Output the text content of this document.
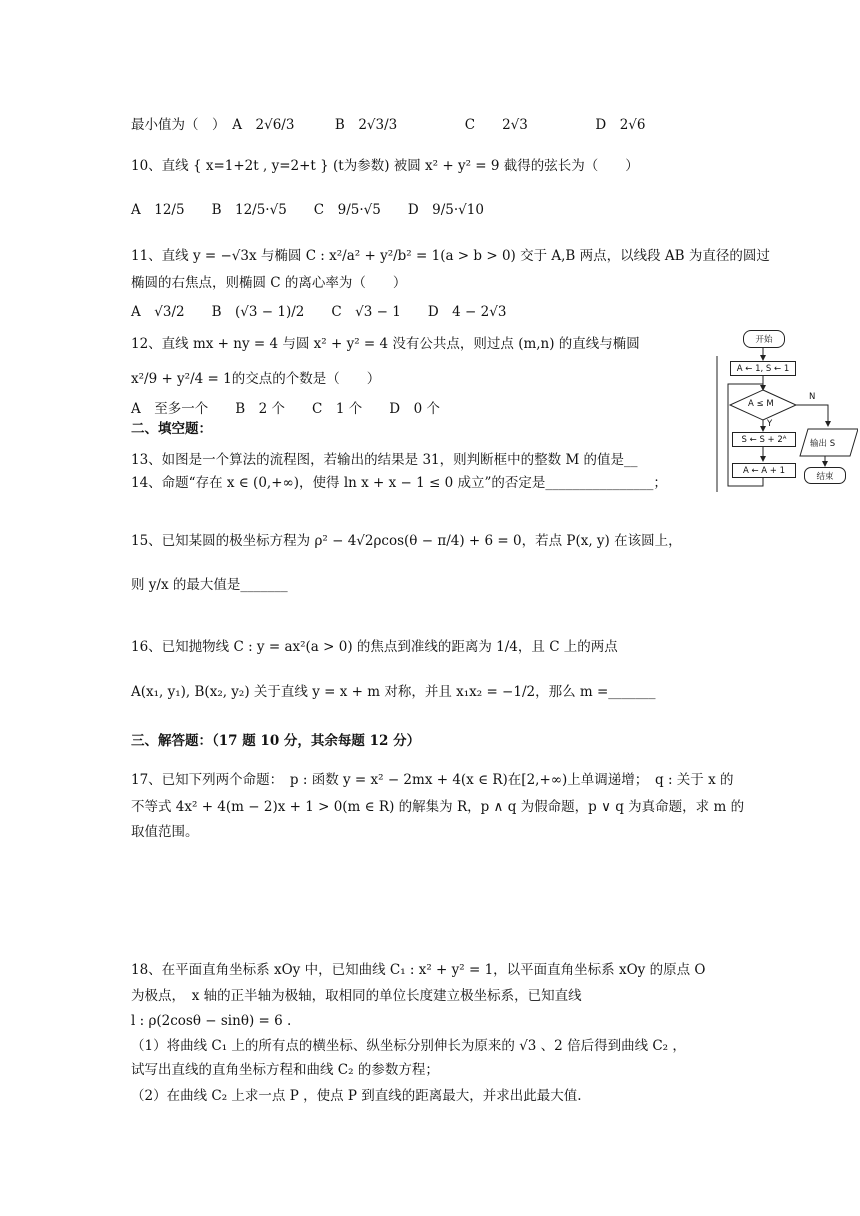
最小值为（　）　A　2√6/3　　　B　2√3/3　　　　　C　　2√3　　　　　D　2√6
10、直线 { x=1+2t , y=2+t } (t为参数) 被圆 x² + y² = 9 截得的弦长为（　　）
A　12/5　　B　12/5·√5　　C　9/5·√5　　D　9/5·√10
11、直线 y = −√3x 与椭圆 C : x²/a² + y²/b² = 1(a > b > 0) 交于 A,B 两点，以线段 AB 为直径的圆过
椭圆的右焦点，则椭圆 C 的离心率为（　　）
A　√3/2　　B　(√3 − 1)/2　　C　√3 − 1　　D　4 − 2√3
12、直线 mx + ny = 4 与圆 x² + y² = 4 没有公共点，则过点 (m,n) 的直线与椭圆
x²/9 + y²/4 = 1的交点的个数是（　　）
A　至多一个　　B　2 个　　C　1 个　　D　0 个
二、填空题：
13、如图是一个算法的流程图，若输出的结果是 31，则判断框中的整数 M 的值是__
14、命题“存在 x ∈ (0,+∞)，使得 ln x + x − 1 ≤ 0 成立”的否定是________________；
15、已知某圆的极坐标方程为 ρ² − 4√2ρcos(θ − π/4) + 6 = 0，若点 P(x, y) 在该圆上，
则 y/x 的最大值是_______
16、已知抛物线 C : y = ax²(a > 0) 的焦点到准线的距离为 1/4，且 C 上的两点
A(x₁, y₁), B(x₂, y₂) 关于直线 y = x + m 对称，并且 x₁x₂ = −1/2，那么 m =_______
三、解答题：（17 题 10 分，其余每题 12 分）
17、已知下列两个命题：　p : 函数 y = x² − 2mx + 4(x ∈ R)在[2,+∞)上单调递增；　q : 关于 x 的
不等式 4x² + 4(m − 2)x + 1 > 0(m ∈ R) 的解集为 R，p ∧ q 为假命题，p ∨ q 为真命题，求 m 的
取值范围。
18、在平面直角坐标系 xOy 中，已知曲线 C₁ : x² + y² = 1，以平面直角坐标系 xOy 的原点 O
为极点，　x 轴的正半轴为极轴，取相同的单位长度建立极坐标系，已知直线
l : ρ(2cosθ − sinθ) = 6 .
（1）将曲线 C₁ 上的所有点的横坐标、纵坐标分别伸长为原来的 √3 、2 倍后得到曲线 C₂ ，
试写出直线的直角坐标方程和曲线 C₂ 的参数方程；
（2）在曲线 C₂ 上求一点 P ，使点 P 到直线的距离最大，并求出此最大值.
开始
A ← 1, S ← 1
A ≤ M
Y
N
S ← S + 2ᴬ
A ← A + 1
输出 S
结束
